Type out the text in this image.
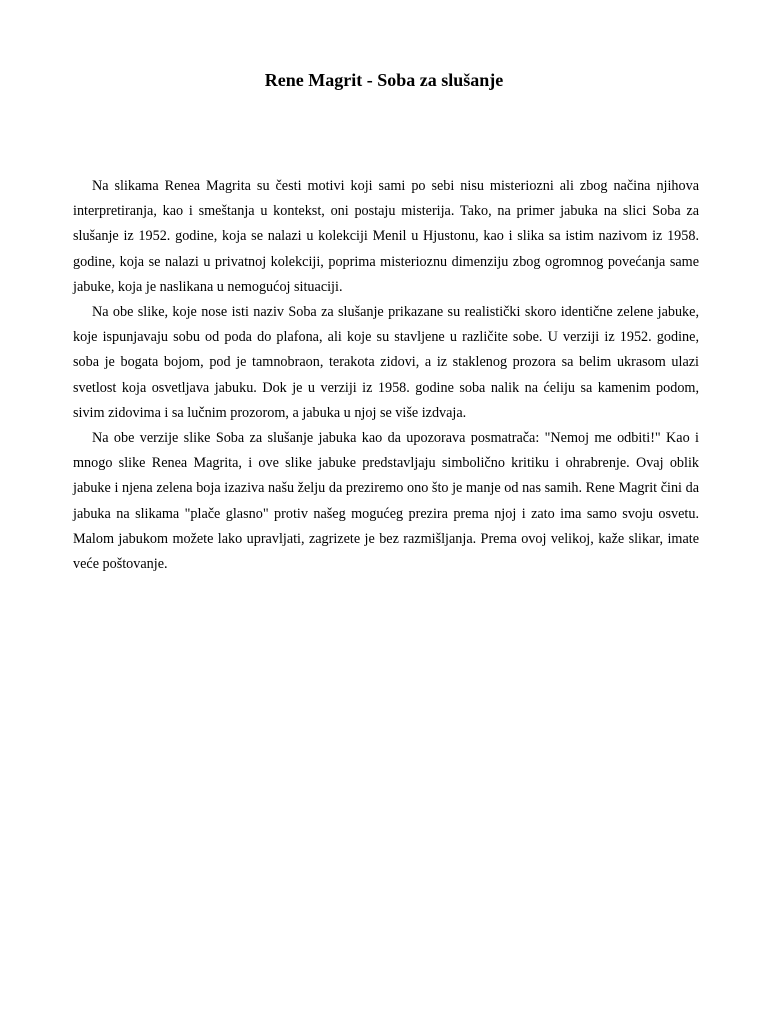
Rene Magrit - Soba za slušanje

Na slikama Renea Magrita su česti motivi koji sami po sebi nisu misteriozni ali zbog načina njihova interpretiranja, kao i smeštanja u kontekst, oni postaju misterija. Tako, na primer jabuka na slici Soba za slušanje iz 1952. godine, koja se nalazi u kolekciji Menil u Hjustonu, kao i slika sa istim nazivom iz 1958. godine, koja se nalazi u privatnoj kolekciji, poprima misterioznu dimenziju zbog ogromnog povećanja same jabuke, koja je naslikana u nemogućoj situaciji.

Na obe slike, koje nose isti naziv Soba za slušanje prikazane su realistički skoro identične zelene jabuke, koje ispunjavaju sobu od poda do plafona, ali koje su stavljene u različite sobe. U verziji iz 1952. godine, soba je bogata bojom, pod je tamnobraon, terakota zidovi, a iz staklenog prozora sa belim ukrasom ulazi svetlost koja osvetljava jabuku. Dok je u verziji iz 1958. godine soba nalik na ćeliju sa kamenim podom, sivim zidovima i sa lučnim prozorom, a jabuka u njoj se više izdvaja.

Na obe verzije slike Soba za slušanje jabuka kao da upozorava posmatrača: "Nemoj me odbiti!" Kao i mnogo slike Renea Magrita, i ove slike jabuke predstavljaju simbolično kritiku i ohrabrenje. Ovaj oblik jabuke i njena zelena boja izaziva našu želju da preziremo ono što je manje od nas samih. Rene Magrit čini da jabuka na slikama "plače glasno" protiv našeg mogućeg prezira prema njoj i zato ima samo svoju osvetu. Malom jabukom možete lako upravljati, zagrizete je bez razmišljanja. Prema ovoj velikoj, kaže slikar, imate veće poštovanje.
